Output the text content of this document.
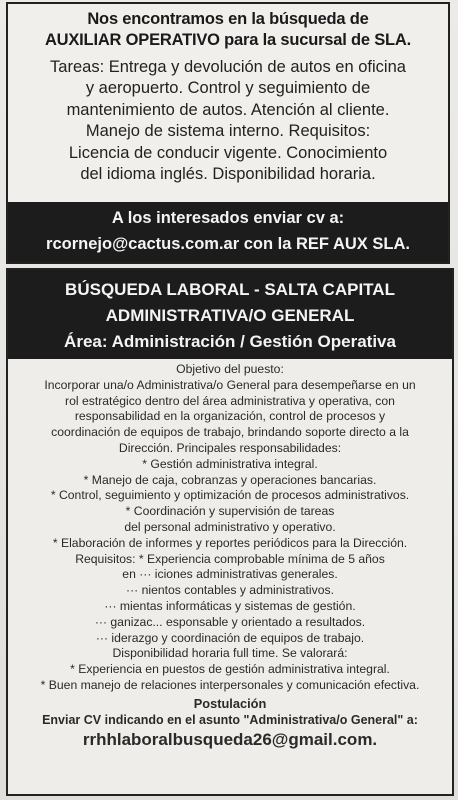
Nos encontramos en la búsqueda de
AUXILIAR OPERATIVO para la sucursal de SLA.
Tareas: Entrega y devolución de autos en oficina
y aeropuerto. Control y seguimiento de
mantenimiento de autos. Atención al cliente.
Manejo de sistema interno. Requisitos:
Licencia de conducir vigente. Conocimiento
del idioma inglés. Disponibilidad horaria.
A los interesados enviar cv a:
rcornejo@cactus.com.ar con la REF AUX SLA.
BÚSQUEDA LABORAL - SALTA CAPITAL
ADMINISTRATIVA/O GENERAL
Área: Administración / Gestión Operativa
Objetivo del puesto:
Incorporar una/o Administrativa/o General para desempeñarse en un
rol estratégico dentro del área administrativa y operativa, con
responsabilidad en la organización, control de procesos y
coordinación de equipos de trabajo, brindando soporte directo a la
Dirección. Principales responsabilidades:
* Gestión administrativa integral.
* Manejo de caja, cobranzas y operaciones bancarias.
* Control, seguimiento y optimización de procesos administrativos.
* Coordinación y supervisión de tareas
del personal administrativo y operativo.
* Elaboración de informes y reportes periódicos para la Dirección.
Requisitos: * Experiencia comprobable mínima de 5 años
en ··· iciones administrativas generales.
··· nientos contables y administrativos.
··· mientas informáticas y sistemas de gestión.
··· ganizac... esponsable y orientado a resultados.
··· iderazgo y coordinación de equipos de trabajo.
Disponibilidad horaria full time. Se valorará:
* Experiencia en puestos de gestión administrativa integral.
* Buen manejo de relaciones interpersonales y comunicación efectiva.
Postulación
Enviar CV indicando en el asunto "Administrativa/o General" a:
rrhhlaboralbusqueda26@gmail.com.
